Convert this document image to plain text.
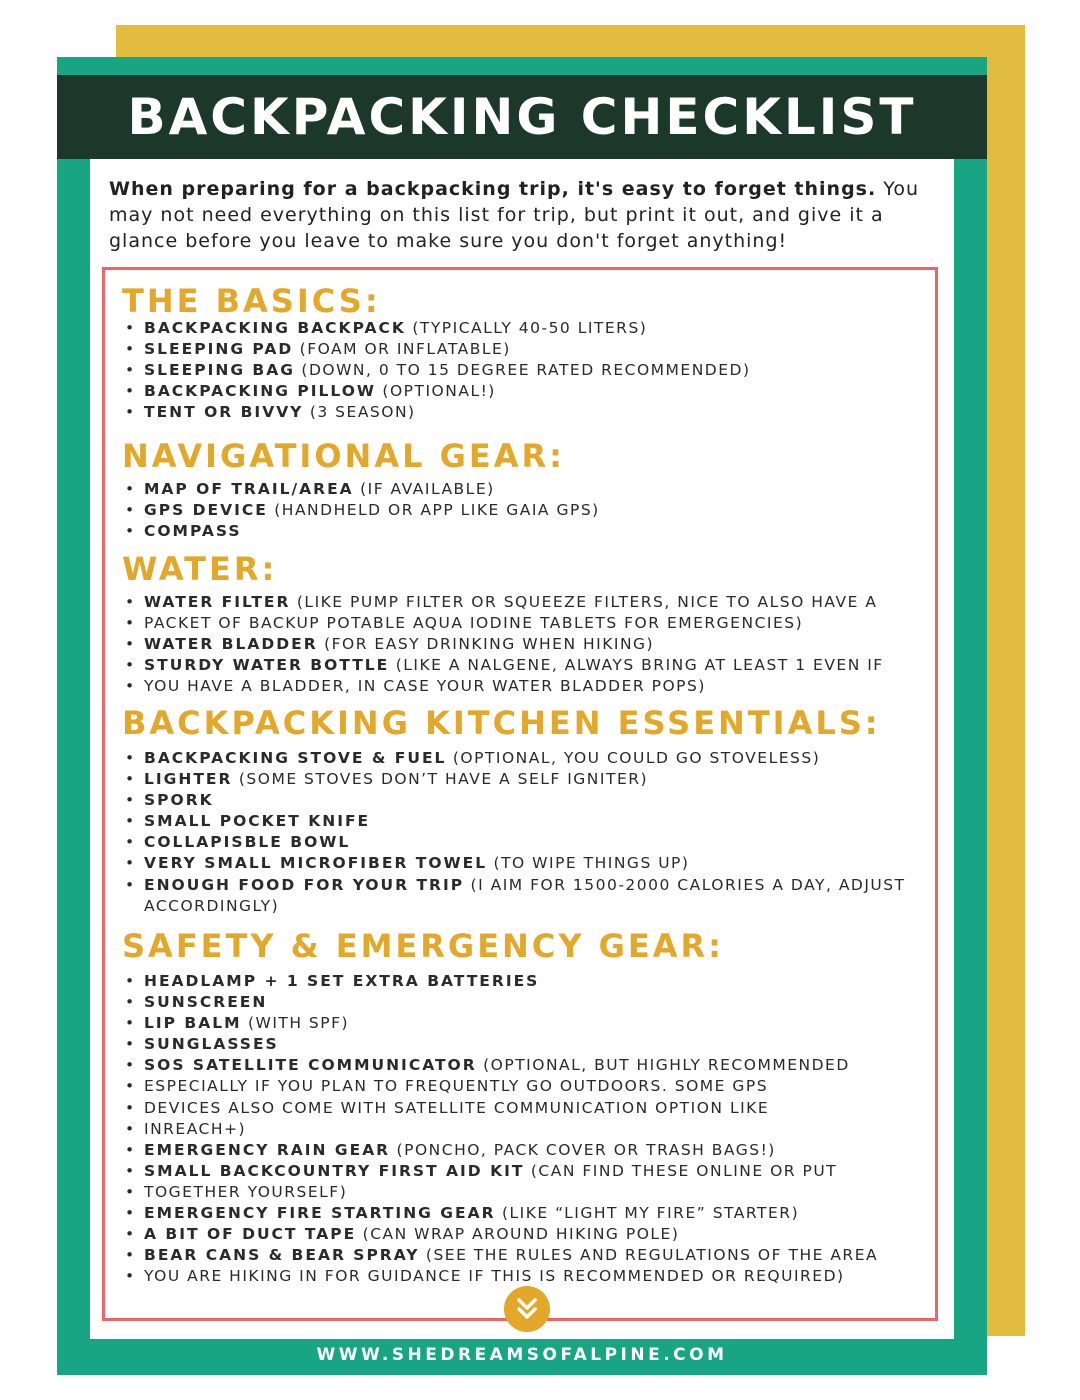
BACKPACKING CHECKLIST
When preparing for a backpacking trip, it's easy to forget things. You
may not need everything on this list for trip, but print it out, and give it a
glance before you leave to make sure you don't forget anything!
THE BASICS:
• BACKPACKING BACKPACK (TYPICALLY 40-50 LITERS)
• SLEEPING PAD (FOAM OR INFLATABLE)
• SLEEPING BAG (DOWN, 0 TO 15 DEGREE RATED RECOMMENDED)
• BACKPACKING PILLOW (OPTIONAL!)
• TENT OR BIVVY (3 SEASON)
NAVIGATIONAL GEAR:
• MAP OF TRAIL/AREA (IF AVAILABLE)
• GPS DEVICE (HANDHELD OR APP LIKE GAIA GPS)
• COMPASS
WATER:
• WATER FILTER (LIKE PUMP FILTER OR SQUEEZE FILTERS, NICE TO ALSO HAVE A
• PACKET OF BACKUP POTABLE AQUA IODINE TABLETS FOR EMERGENCIES)
• WATER BLADDER (FOR EASY DRINKING WHEN HIKING)
• STURDY WATER BOTTLE (LIKE A NALGENE, ALWAYS BRING AT LEAST 1 EVEN IF
• YOU HAVE A BLADDER, IN CASE YOUR WATER BLADDER POPS)
BACKPACKING KITCHEN ESSENTIALS:
• BACKPACKING STOVE & FUEL (OPTIONAL, YOU COULD GO STOVELESS)
• LIGHTER (SOME STOVES DON’T HAVE A SELF IGNITER)
• SPORK
• SMALL POCKET KNIFE
• COLLAPISBLE BOWL
• VERY SMALL MICROFIBER TOWEL (TO WIPE THINGS UP)
• ENOUGH FOOD FOR YOUR TRIP (I AIM FOR 1500-2000 CALORIES A DAY, ADJUST
ACCORDINGLY)
SAFETY & EMERGENCY GEAR:
• HEADLAMP + 1 SET EXTRA BATTERIES
• SUNSCREEN
• LIP BALM (WITH SPF)
• SUNGLASSES
• SOS SATELLITE COMMUNICATOR (OPTIONAL, BUT HIGHLY RECOMMENDED
• ESPECIALLY IF YOU PLAN TO FREQUENTLY GO OUTDOORS. SOME GPS
• DEVICES ALSO COME WITH SATELLITE COMMUNICATION OPTION LIKE
• INREACH+)
• EMERGENCY RAIN GEAR (PONCHO, PACK COVER OR TRASH BAGS!)
• SMALL BACKCOUNTRY FIRST AID KIT (CAN FIND THESE ONLINE OR PUT
• TOGETHER YOURSELF)
• EMERGENCY FIRE STARTING GEAR (LIKE “LIGHT MY FIRE” STARTER)
• A BIT OF DUCT TAPE (CAN WRAP AROUND HIKING POLE)
• BEAR CANS & BEAR SPRAY (SEE THE RULES AND REGULATIONS OF THE AREA
• YOU ARE HIKING IN FOR GUIDANCE IF THIS IS RECOMMENDED OR REQUIRED)
WWW.SHEDREAMSOFALPINE.COM
